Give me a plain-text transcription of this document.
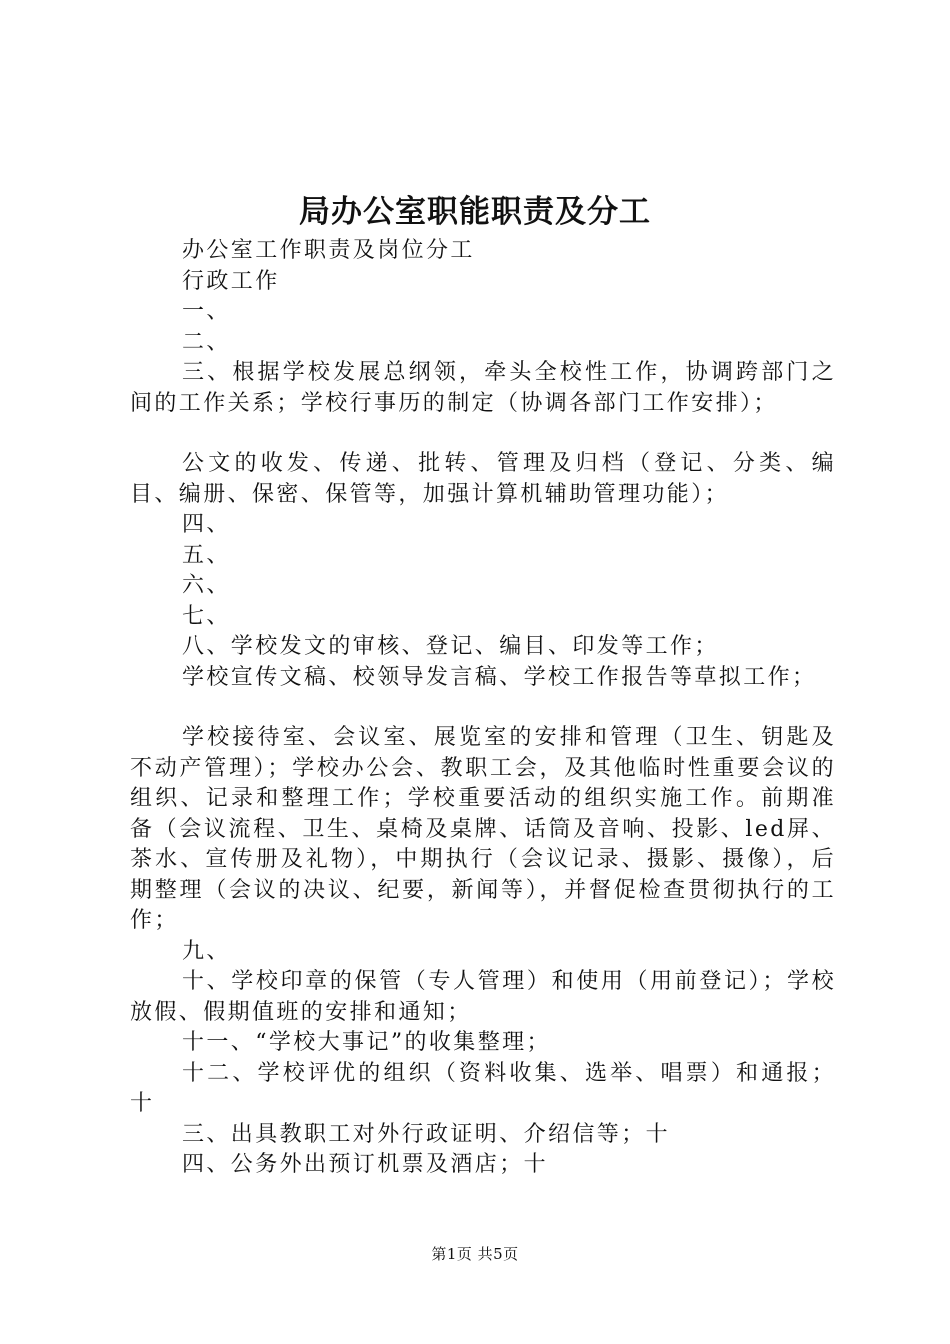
局办公室职能职责及分工

办公室工作职责及岗位分工

行政工作

一、

二、

三、根据学校发展总纲领，牵头全校性工作，协调跨部门之间的工作关系；学校行事历的制定（协调各部门工作安排）；

公文的收发、传递、批转、管理及归档（登记、分类、编目、编册、保密、保管等，加强计算机辅助管理功能）；

四、

五、

六、

七、

八、学校发文的审核、登记、编目、印发等工作；

学校宣传文稿、校领导发言稿、学校工作报告等草拟工作；

学校接待室、会议室、展览室的安排和管理（卫生、钥匙及不动产管理）；学校办公会、教职工会，及其他临时性重要会议的组织、记录和整理工作；学校重要活动的组织实施工作。前期准备（会议流程、卫生、桌椅及桌牌、话筒及音响、投影、led屏、茶水、宣传册及礼物），中期执行（会议记录、摄影、摄像），后期整理（会议的决议、纪要，新闻等），并督促检查贯彻执行的工作；

九、

十、学校印章的保管（专人管理）和使用（用前登记）；学校放假、假期值班的安排和通知；

十一、“学校大事记”的收集整理；

十二、学校评优的组织（资料收集、选举、唱票）和通报；十

三、出具教职工对外行政证明、介绍信等；十

四、公务外出预订机票及酒店；十

第1页 共5页
